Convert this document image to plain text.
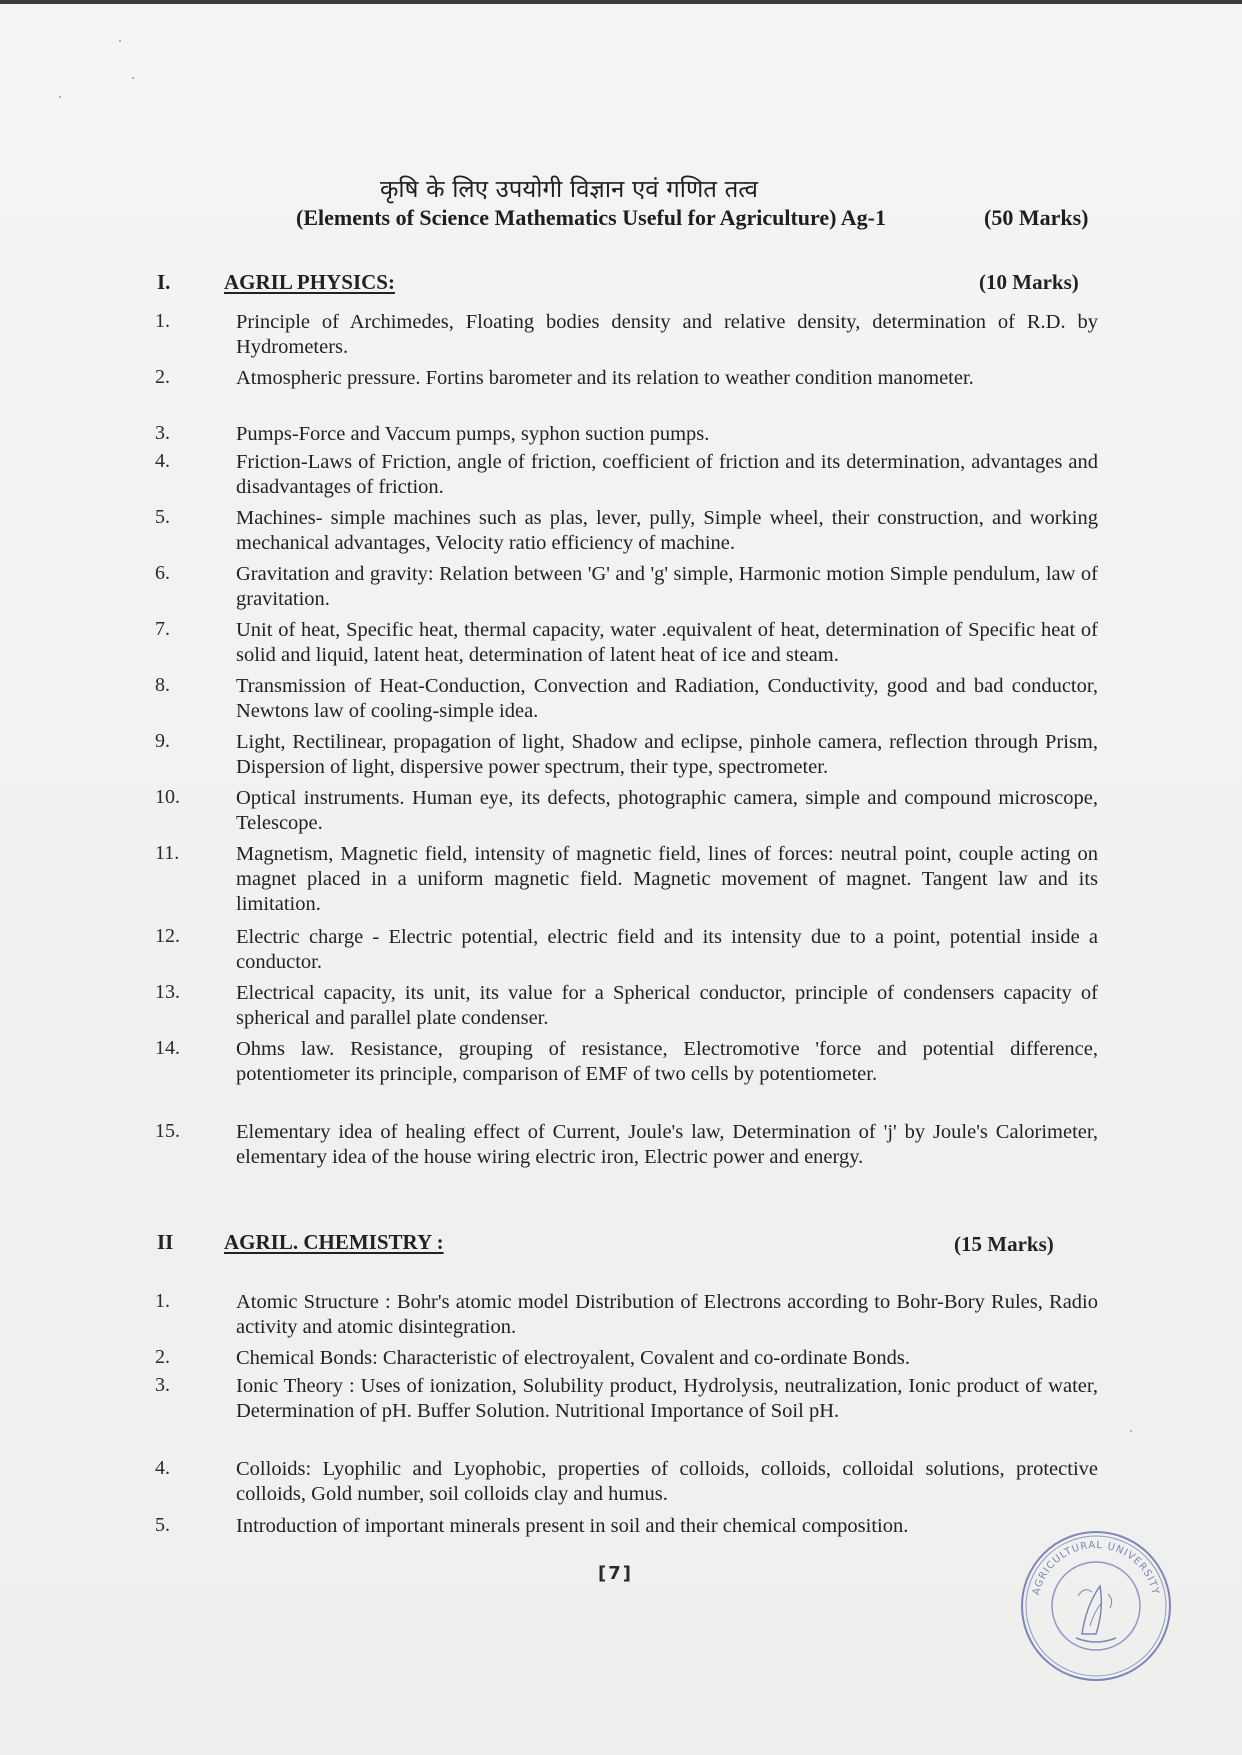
कृषि के लिए उपयोगी विज्ञान एवं गणित तत्व
(Elements of Science Mathematics Useful for Agriculture) Ag-1	(50 Marks)
I.	AGRIL PHYSICS:	(10 Marks)
1.	Principle of Archimedes, Floating bodies density and relative density, determination of R.D. by Hydrometers.
2.	Atmospheric pressure. Fortins barometer and its relation to weather condition manometer.
3.	Pumps-Force and Vaccum pumps, syphon suction pumps.
4.	Friction-Laws of Friction, angle of friction, coefficient of friction and its determination, advantages and disadvantages of friction.
5.	Machines- simple machines such as plas, lever, pully, Simple wheel, their construction, and working mechanical advantages, Velocity ratio efficiency of machine.
6.	Gravitation and gravity: Relation between 'G' and 'g' simple, Harmonic motion Simple pendulum, law of gravitation.
7.	Unit of heat, Specific heat, thermal capacity, water .equivalent of heat, determination of Specific heat of solid and liquid, latent heat, determination of latent heat of ice and steam.
8.	Transmission of Heat-Conduction, Convection and Radiation, Conductivity, good and bad conductor, Newtons law of cooling-simple idea.
9.	Light, Rectilinear, propagation of light, Shadow and eclipse, pinhole camera, reflection through Prism, Dispersion of light, dispersive power spectrum, their type, spectrometer.
10.	Optical instruments. Human eye, its defects, photographic camera, simple and compound microscope, Telescope.
11.	Magnetism, Magnetic field, intensity of magnetic field, lines of forces: neutral point, couple acting on magnet placed in a uniform magnetic field. Magnetic movement of magnet. Tangent law and its limitation.
12.	Electric charge - Electric potential, electric field and its intensity due to a point, potential inside a conductor.
13.	Electrical capacity, its unit, its value for a Spherical conductor, principle of condensers capacity of spherical and parallel plate condenser.
14.	Ohms law. Resistance, grouping of resistance, Electromotive 'force and potential difference, potentiometer its principle, comparison of EMF of two cells by potentiometer.
15.	Elementary idea of healing effect of Current, Joule's law, Determination of 'j' by Joule's Calorimeter, elementary idea of the house wiring electric iron, Electric power and energy.
II AGRIL. CHEMISTRY :	(15 Marks)
1.	Atomic Structure : Bohr's atomic model Distribution of Electrons according to Bohr-Bory Rules, Radio activity and atomic disintegration.
2.	Chemical Bonds: Characteristic of electroyalent, Covalent and co-ordinate Bonds.
3.	Ionic Theory : Uses of ionization, Solubility product, Hydrolysis, neutralization, Ionic product of water, Determination of pH. Buffer Solution. Nutritional Importance of Soil pH.
4.	Colloids: Lyophilic and Lyophobic, properties of colloids, colloids, colloidal solutions, protective colloids, Gold number, soil colloids clay and humus.
5.	Introduction of important minerals present in soil and their chemical composition.
[7]
AGRICULTURAL UNIVERSITY
